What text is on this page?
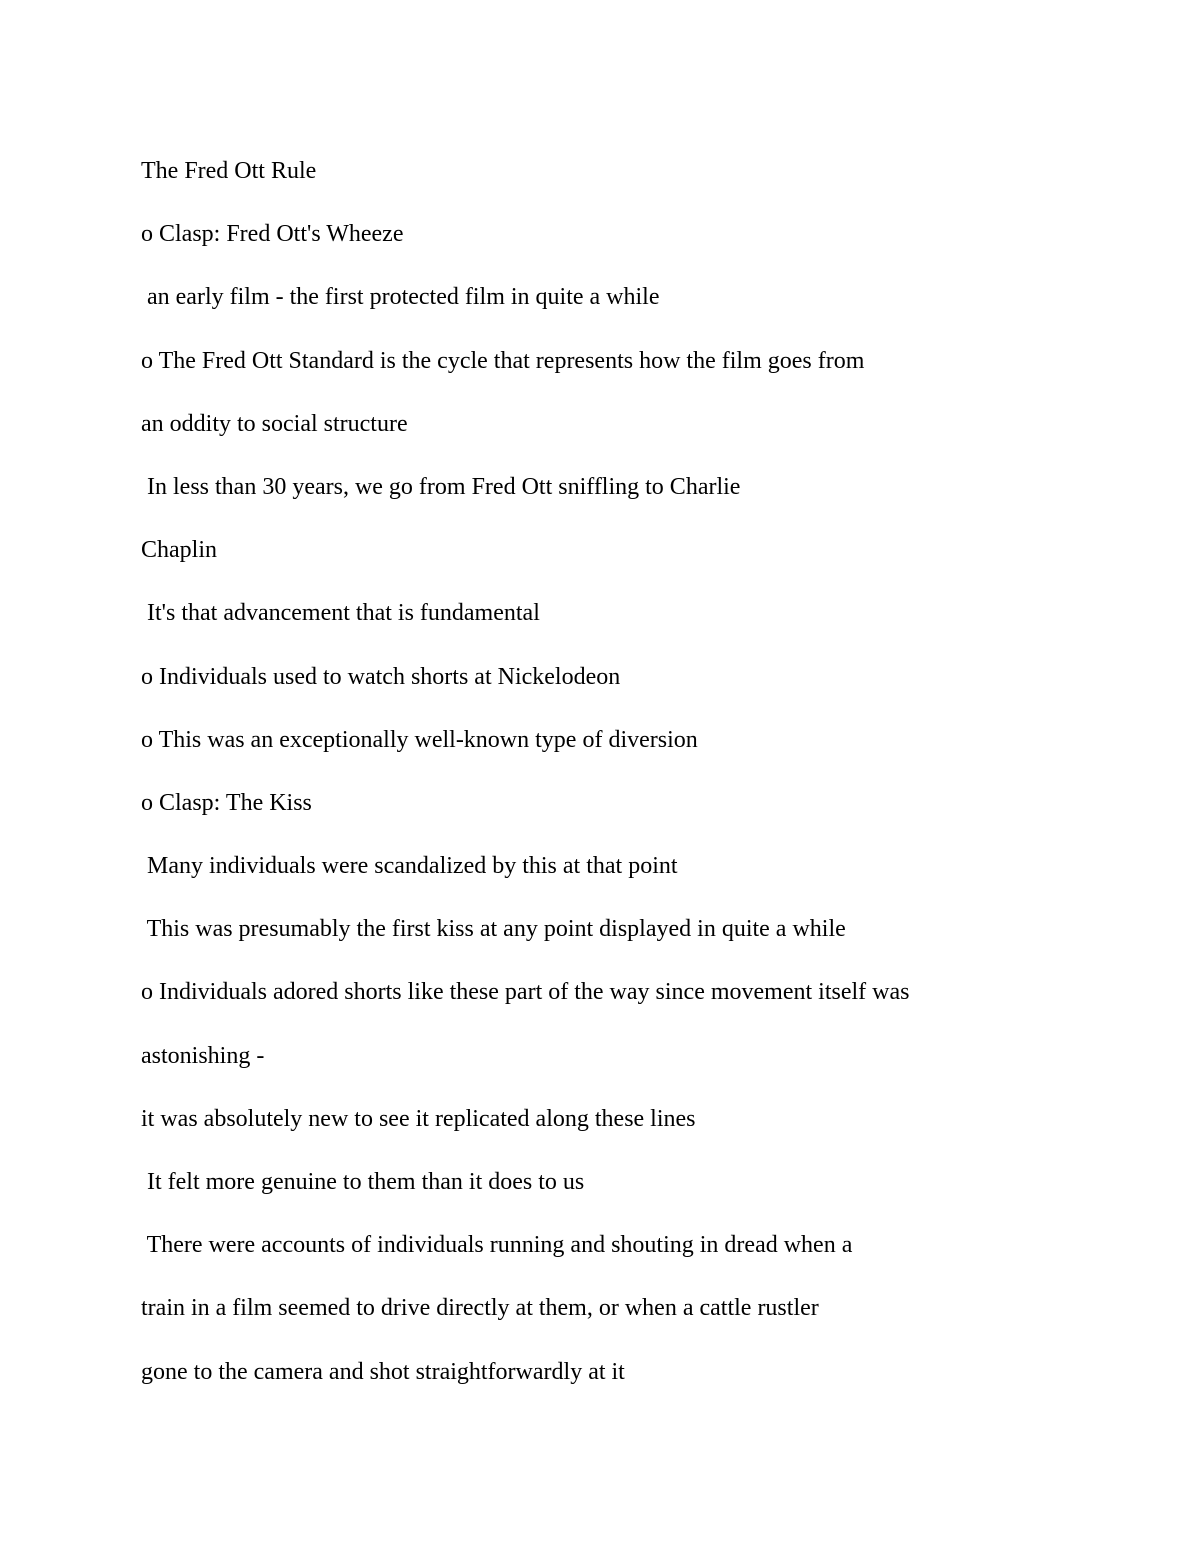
The Fred Ott Rule

o Clasp: Fred Ott's Wheeze

an early film - the first protected film in quite a while

o The Fred Ott Standard is the cycle that represents how the film goes from

an oddity to social structure

In less than 30 years, we go from Fred Ott sniffling to Charlie

Chaplin

It's that advancement that is fundamental

o Individuals used to watch shorts at Nickelodeon

o This was an exceptionally well-known type of diversion

o Clasp: The Kiss

Many individuals were scandalized by this at that point

This was presumably the first kiss at any point displayed in quite a while

o Individuals adored shorts like these part of the way since movement itself was

astonishing -

it was absolutely new to see it replicated along these lines

It felt more genuine to them than it does to us

There were accounts of individuals running and shouting in dread when a

train in a film seemed to drive directly at them, or when a cattle rustler

gone to the camera and shot straightforwardly at it
